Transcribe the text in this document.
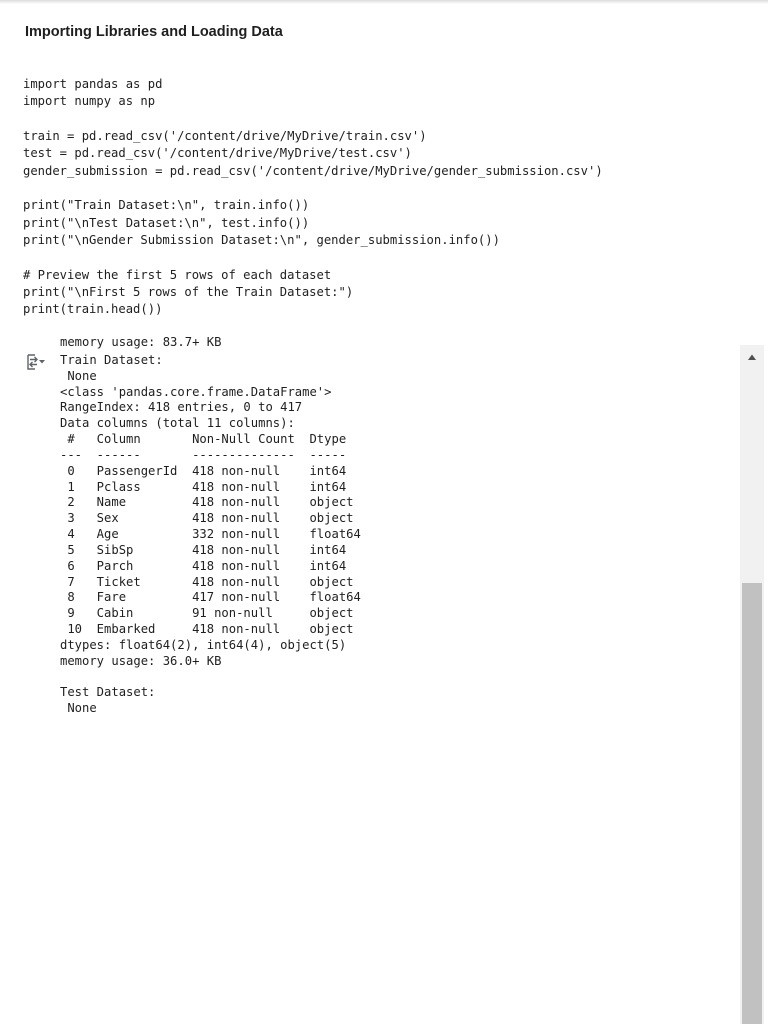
Importing Libraries and Loading Data
import pandas as pd
import numpy as np
train = pd.read_csv('/content/drive/MyDrive/train.csv')
test = pd.read_csv('/content/drive/MyDrive/test.csv')
gender_submission = pd.read_csv('/content/drive/MyDrive/gender_submission.csv')
print("Train Dataset:\n", train.info())
print("\nTest Dataset:\n", test.info())
print("\nGender Submission Dataset:\n", gender_submission.info())
# Preview the first 5 rows of each dataset
print("\nFirst 5 rows of the Train Dataset:")
print(train.head())
memory usage: 83.7+ KB
Train Dataset:
None
<class 'pandas.core.frame.DataFrame'>
RangeIndex: 418 entries, 0 to 417
Data columns (total 11 columns):
#   Column       Non-Null Count  Dtype
---  ------       --------------  -----
0   PassengerId  418 non-null    int64
1   Pclass       418 non-null    int64
2   Name         418 non-null    object
3   Sex          418 non-null    object
4   Age          332 non-null    float64
5   SibSp        418 non-null    int64
6   Parch        418 non-null    int64
7   Ticket       418 non-null    object
8   Fare         417 non-null    float64
9   Cabin        91 non-null     object
10  Embarked     418 non-null    object
dtypes: float64(2), int64(4), object(5)
memory usage: 36.0+ KB
Test Dataset:
None
